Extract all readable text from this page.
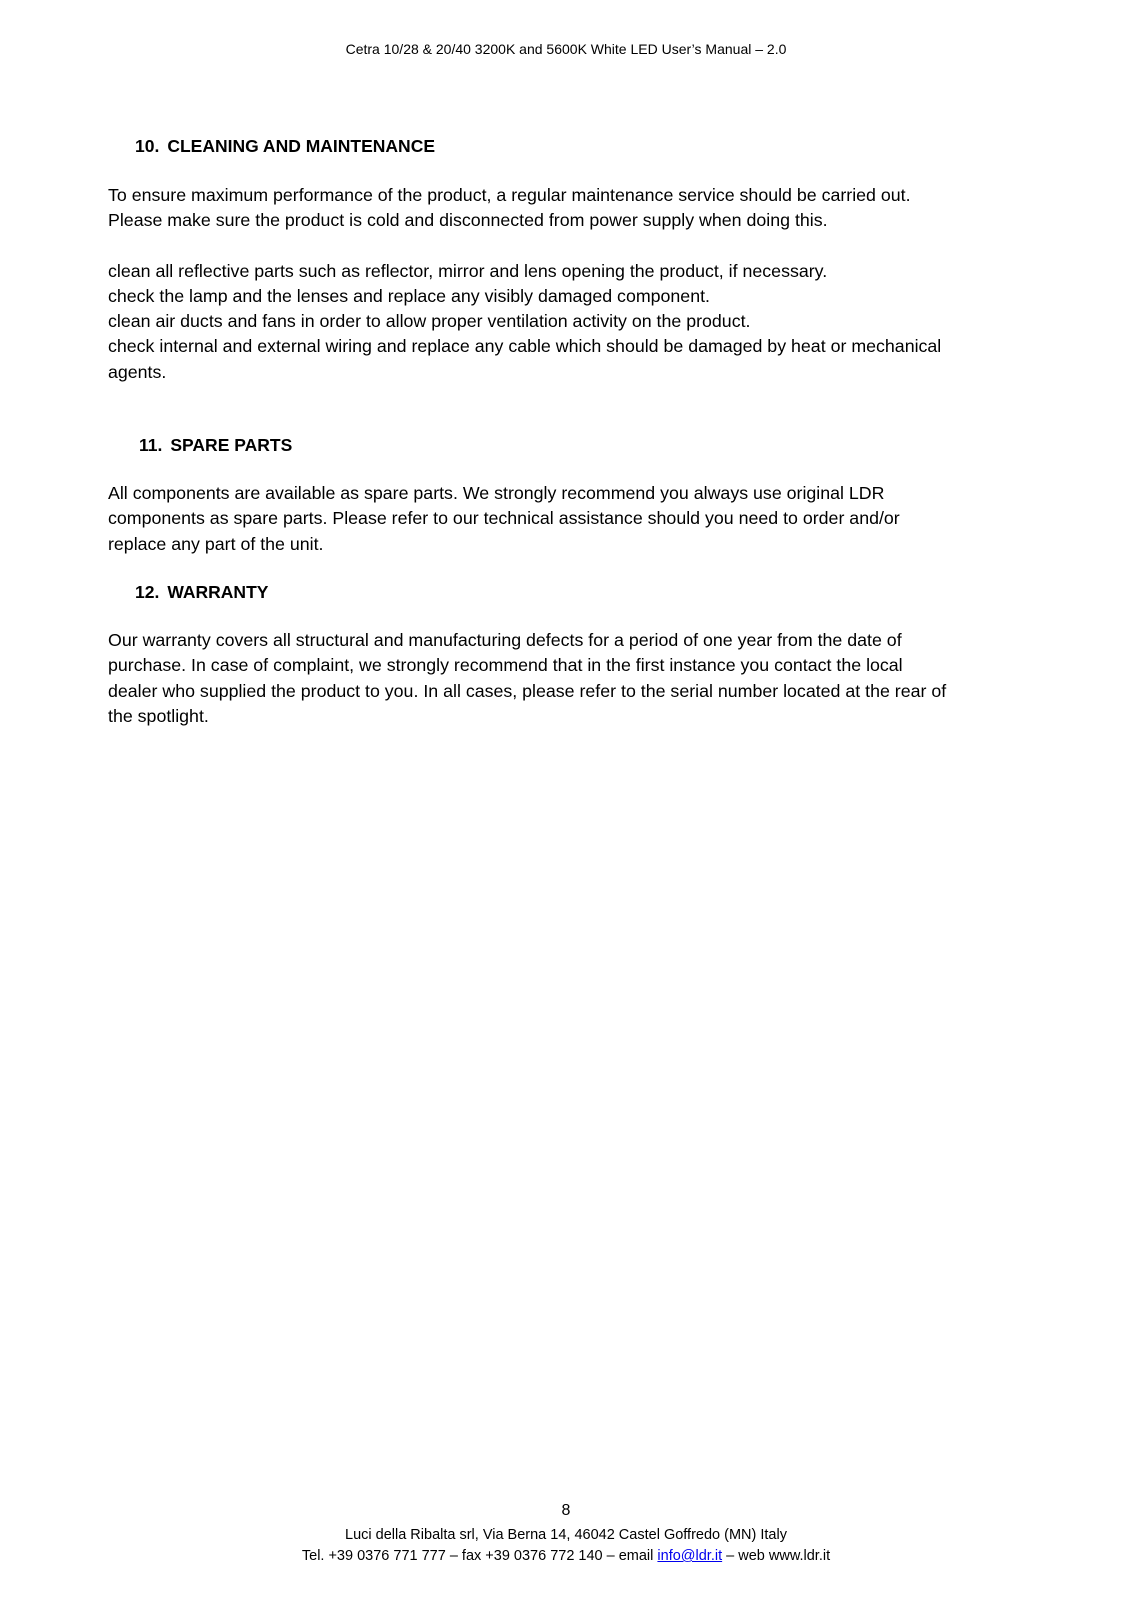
Cetra 10/28 & 20/40 3200K and 5600K White LED User’s Manual – 2.0
10. CLEANING AND MAINTENANCE

To ensure maximum performance of the product, a regular maintenance service should be carried out.

Please make sure the product is cold and disconnected from power supply when doing this.

clean all reflective parts such as reflector, mirror and lens opening the product, if necessary.

check the lamp and the lenses and replace any visibly damaged component.

clean air ducts and fans in order to allow proper ventilation activity on the product.

check internal and external wiring and replace any cable which should be damaged by heat or mechanical

agents.

11. SPARE PARTS

All components are available as spare parts. We strongly recommend you always use original LDR

components as spare parts. Please refer to our technical assistance should you need to order and/or

replace any part of the unit.

12. WARRANTY

Our warranty covers all structural and manufacturing defects for a period of one year from the date of

purchase. In case of complaint, we strongly recommend that in the first instance you contact the local

dealer who supplied the product to you. In all cases, please refer to the serial number located at the rear of

the spotlight.

8
Luci della Ribalta srl, Via Berna 14, 46042 Castel Goffredo (MN) Italy
Tel. +39 0376 771 777 – fax +39 0376 772 140 – email info@ldr.it – web www.ldr.it
